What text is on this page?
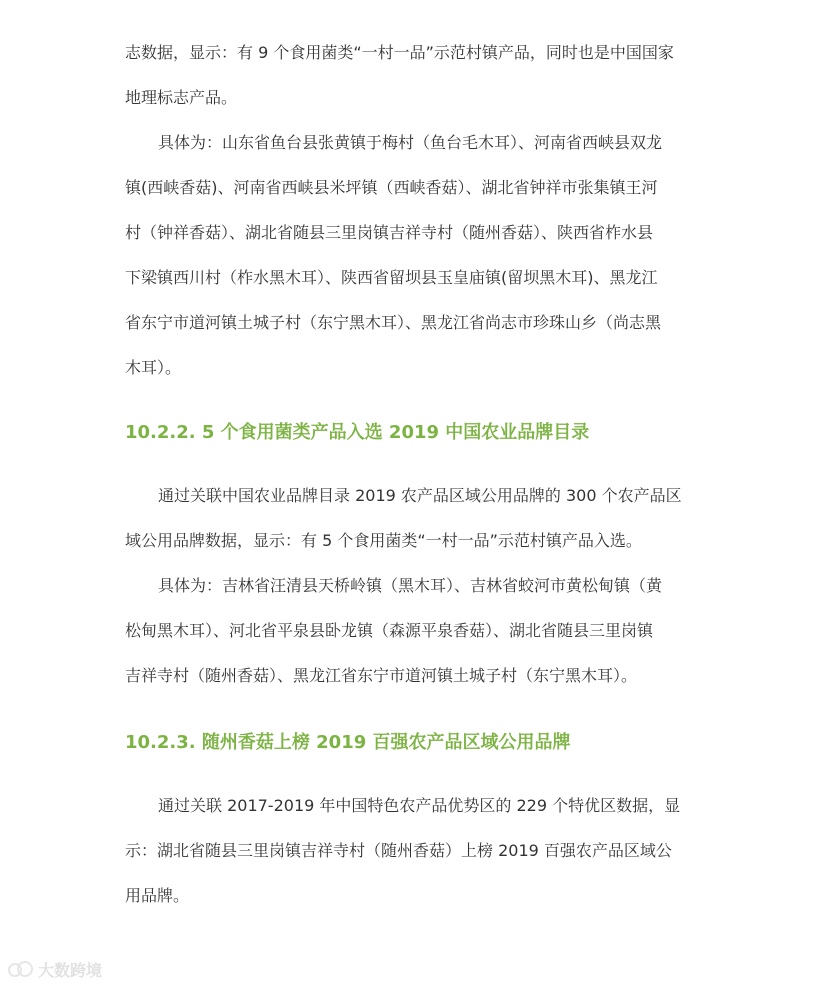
志数据，显示：有 9 个食用菌类“一村一品”示范村镇产品，同时也是中国国家
地理标志产品。
具体为：山东省鱼台县张黄镇于梅村（鱼台毛木耳）、河南省西峡县双龙
镇(西峡香菇)、河南省西峡县米坪镇（西峡香菇）、湖北省钟祥市张集镇王河
村（钟祥香菇）、湖北省随县三里岗镇吉祥寺村（随州香菇）、陕西省柞水县
下梁镇西川村（柞水黑木耳）、陕西省留坝县玉皇庙镇(留坝黑木耳)、黑龙江
省东宁市道河镇土城子村（东宁黑木耳）、黑龙江省尚志市珍珠山乡（尚志黑
木耳）。
10.2.2. 5 个食用菌类产品入选 2019 中国农业品牌目录
通过关联中国农业品牌目录 2019 农产品区域公用品牌的 300 个农产品区
域公用品牌数据，显示：有 5 个食用菌类“一村一品”示范村镇产品入选。
具体为：吉林省汪清县天桥岭镇（黑木耳）、吉林省蛟河市黄松甸镇（黄
松甸黑木耳）、河北省平泉县卧龙镇（森源平泉香菇）、湖北省随县三里岗镇
吉祥寺村（随州香菇）、黑龙江省东宁市道河镇土城子村（东宁黑木耳）。
10.2.3. 随州香菇上榜 2019 百强农产品区域公用品牌
通过关联 2017-2019 年中国特色农产品优势区的 229 个特优区数据，显
示：湖北省随县三里岗镇吉祥寺村（随州香菇）上榜 2019 百强农产品区域公
用品牌。
大数跨境
